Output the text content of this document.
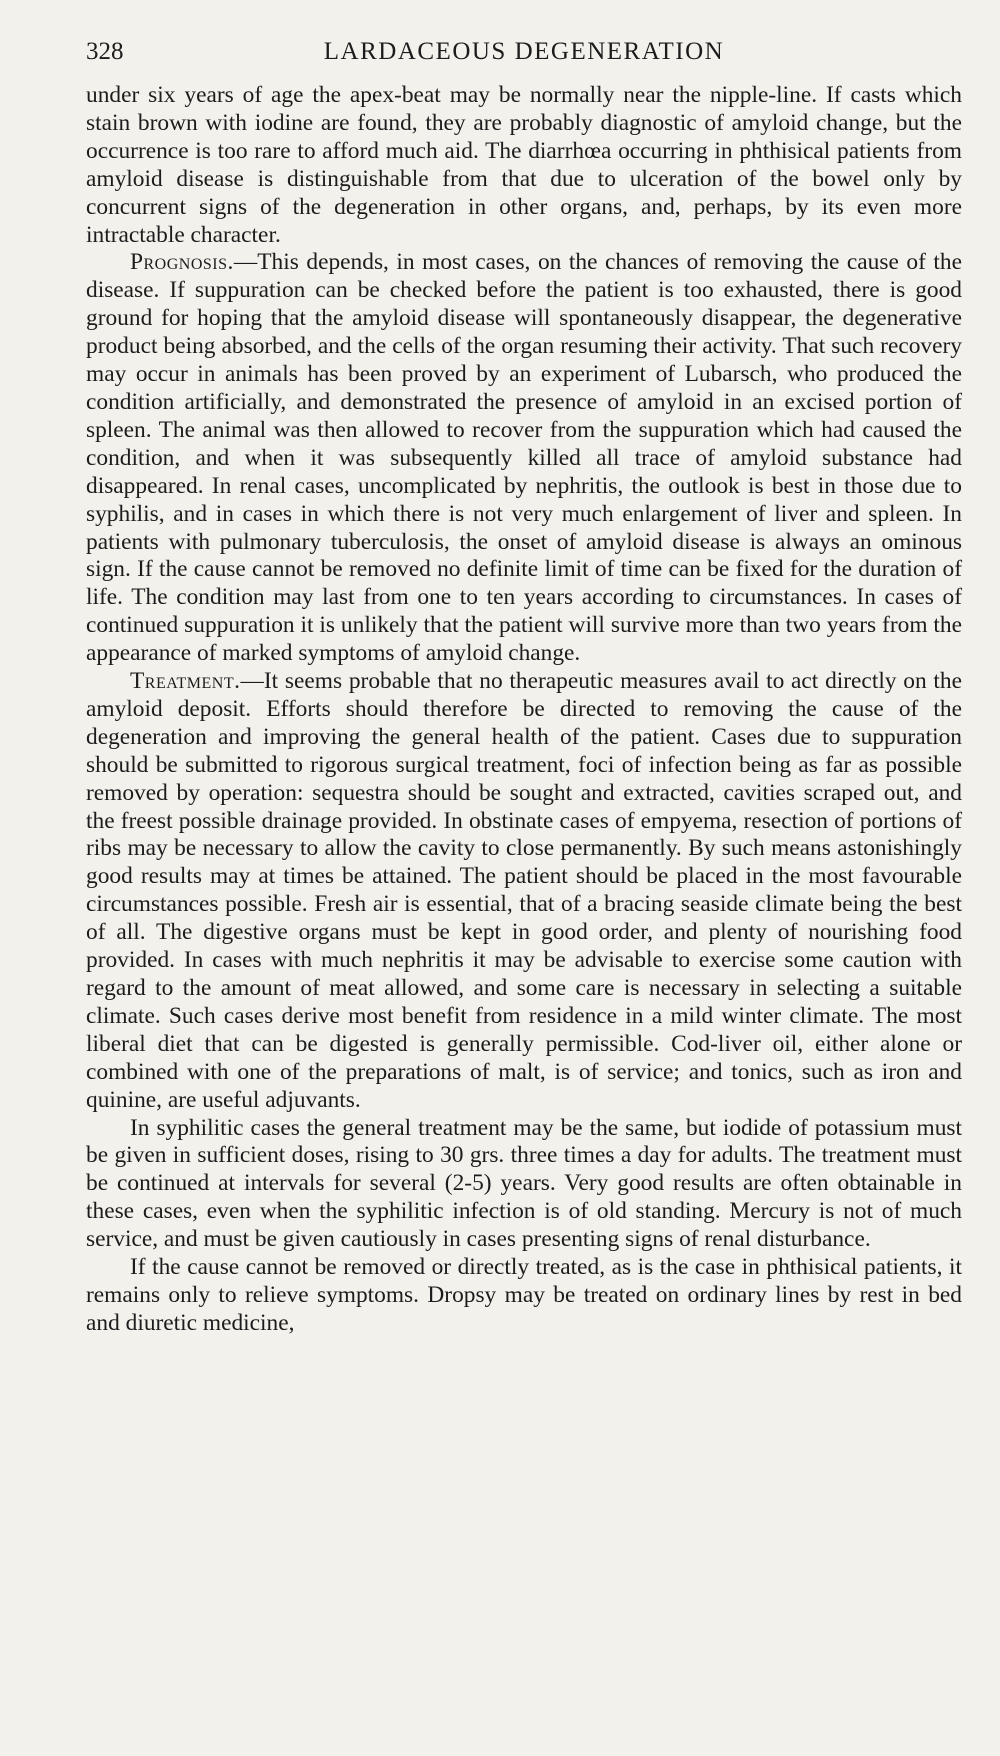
328	LARDACEOUS DEGENERATION

under six years of age the apex-beat may be normally near the nipple-line. If casts which stain brown with iodine are found, they are probably diagnostic of amyloid change, but the occurrence is too rare to afford much aid. The diarrhœa occurring in phthisical patients from amyloid disease is distinguishable from that due to ulceration of the bowel only by concurrent signs of the degeneration in other organs, and, perhaps, by its even more intractable character.

Prognosis.—This depends, in most cases, on the chances of removing the cause of the disease. If suppuration can be checked before the patient is too exhausted, there is good ground for hoping that the amyloid disease will spontaneously disappear, the degenerative product being absorbed, and the cells of the organ resuming their activity. That such recovery may occur in animals has been proved by an experiment of Lubarsch, who produced the condition artificially, and demonstrated the presence of amyloid in an excised portion of spleen. The animal was then allowed to recover from the suppuration which had caused the condition, and when it was subsequently killed all trace of amyloid substance had disappeared. In renal cases, uncomplicated by nephritis, the outlook is best in those due to syphilis, and in cases in which there is not very much enlargement of liver and spleen. In patients with pulmonary tuberculosis, the onset of amyloid disease is always an ominous sign. If the cause cannot be removed no definite limit of time can be fixed for the duration of life. The condition may last from one to ten years according to circumstances. In cases of continued suppuration it is unlikely that the patient will survive more than two years from the appearance of marked symptoms of amyloid change.

Treatment.—It seems probable that no therapeutic measures avail to act directly on the amyloid deposit. Efforts should therefore be directed to removing the cause of the degeneration and improving the general health of the patient. Cases due to suppuration should be submitted to rigorous surgical treatment, foci of infection being as far as possible removed by operation: sequestra should be sought and extracted, cavities scraped out, and the freest possible drainage provided. In obstinate cases of empyema, resection of portions of ribs may be necessary to allow the cavity to close permanently. By such means astonishingly good results may at times be attained. The patient should be placed in the most favourable circumstances possible. Fresh air is essential, that of a bracing seaside climate being the best of all. The digestive organs must be kept in good order, and plenty of nourishing food provided. In cases with much nephritis it may be advisable to exercise some caution with regard to the amount of meat allowed, and some care is necessary in selecting a suitable climate. Such cases derive most benefit from residence in a mild winter climate. The most liberal diet that can be digested is generally permissible. Cod-liver oil, either alone or combined with one of the preparations of malt, is of service; and tonics, such as iron and quinine, are useful adjuvants.

In syphilitic cases the general treatment may be the same, but iodide of potassium must be given in sufficient doses, rising to 30 grs. three times a day for adults. The treatment must be continued at intervals for several (2-5) years. Very good results are often obtainable in these cases, even when the syphilitic infection is of old standing. Mercury is not of much service, and must be given cautiously in cases presenting signs of renal disturbance.

If the cause cannot be removed or directly treated, as is the case in phthisical patients, it remains only to relieve symptoms. Dropsy may be treated on ordinary lines by rest in bed and diuretic medicine,
